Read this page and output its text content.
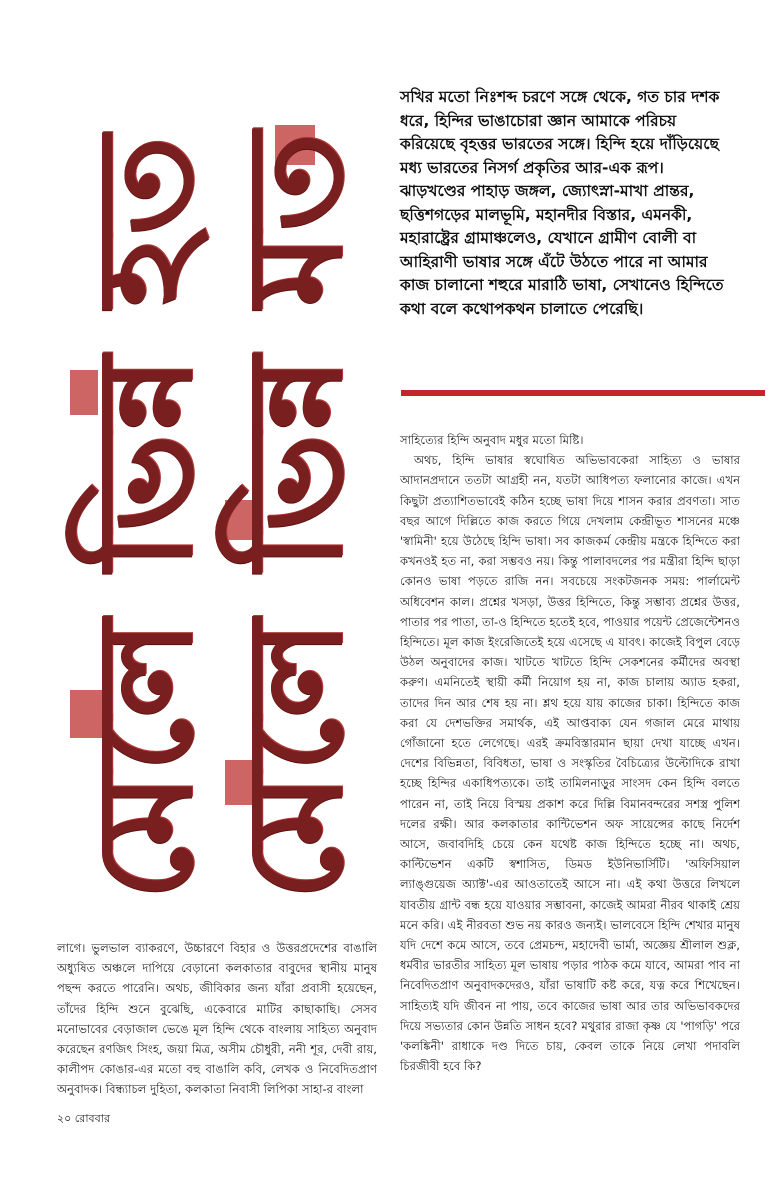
মেলে ভিন্ন হত
মেলে ভিন্ন মত

সখির মতো নিঃশব্দ চরণে সঙ্গে থেকে, গত চার দশক ধরে, হিন্দির ভাঙাচোরা জ্ঞান আমাকে পরিচয় করিয়েছে বৃহত্তর ভারতের সঙ্গে। হিন্দি হয়ে দাঁড়িয়েছে মধ্য ভারতের নিসর্গ প্রকৃতির আর-এক রূপ। ঝাড়খণ্ডের পাহাড় জঙ্গল, জ্যোৎস্না-মাখা প্রান্তর, ছত্তিশগড়ের মালভূমি, মহানদীর বিস্তার, এমনকী, মহারাষ্ট্রের গ্রামাঞ্চলেও, যেখানে গ্রামীণ বোলী বা আহিরাণী ভাষার সঙ্গে এঁটে উঠতে পারে না আমার কাজ চালানো শহুরে মারাঠি ভাষা, সেখানেও হিন্দিতে কথা বলে কথোপকথন চালাতে পেরেছি।

সাহিত্যের হিন্দি অনুবাদ মধুর মতো মিষ্টি।

অথচ, হিন্দি ভাষার স্বঘোষিত অভিভাবকেরা সাহিত্য ও ভাষার আদানপ্রদানে ততটা আগ্রহী নন, যতটা আধিপত্য ফলানোর কাজে। এখন কিছুটা প্রত্যাশিতভাবেই কঠিন হচ্ছে ভাষা দিয়ে শাসন করার প্রবণতা। সাত বছর আগে দিল্লিতে কাজ করতে গিয়ে দেখলাম কেন্দ্রীভূত শাসনের মঞ্চে 'স্বামিনী' হয়ে উঠেছে হিন্দি ভাষা। সব কাজকর্ম কেন্দ্রীয় মন্ত্রকে হিন্দিতে করা কখনওই হত না, করা সম্ভবও নয়। কিন্তু পালাবদলের পর মন্ত্রীরা হিন্দি ছাড়া কোনও ভাষা পড়তে রাজি নন। সবচেয়ে সংকটজনক সময়: পার্লামেন্ট অধিবেশন কাল। প্রশ্নের খসড়া, উত্তর হিন্দিতে, কিন্তু সম্ভাব্য প্রশ্নের উত্তর, পাতার পর পাতা, তা-ও হিন্দিতে হতেই হবে, পাওয়ার পয়েন্ট প্রেজেন্টেশনও হিন্দিতে। মূল কাজ ইংরেজিতেই হয়ে এসেছে এ যাবৎ। কাজেই বিপুল বেড়ে উঠল অনুবাদের কাজ। খাটতে খাটতে হিন্দি সেকশনের কর্মীদের অবস্থা করুণ। এমনিতেই স্থায়ী কর্মী নিয়োগ হয় না, কাজ চালায় অ্যাড হকরা, তাদের দিন আর শেষ হয় না। শ্লথ হয়ে যায় কাজের চাকা। হিন্দিতে কাজ করা যে দেশভক্তির সমার্থক, এই আপ্তবাক্য যেন গজাল মেরে মাথায় গোঁজানো হতে লেগেছে। এরই ক্রমবিস্তারমান ছায়া দেখা যাচ্ছে এখন। দেশের বিভিন্নতা, বিবিধতা, ভাষা ও সংস্কৃতির বৈচিত্র্যের উল্টোদিকে রাখা হচ্ছে হিন্দির একাধিপত্যকে। তাই তামিলনাড়ুর সাংসদ কেন হিন্দি বলতে পারেন না, তাই নিয়ে বিস্ময় প্রকাশ করে দিল্লি বিমানবন্দরের সশস্ত্র পুলিশ দলের রক্ষী। আর কলকাতার কান্টিভেশন অফ সায়েন্সের কাছে নির্দেশ আসে, জবাবদিহি চেয়ে কেন যথেষ্ট কাজ হিন্দিতে হচ্ছে না। অথচ, কাল্টিভেশন একটি স্বশাসিত, ডিমড ইউনিভার্সিটি। 'অফিসিয়াল ল্যাঙ্গুয়েজ অ্যাক্ট'-এর আওতাতেই আসে না। এই কথা উত্তরে লিখলে যাবতীয় গ্রান্ট বন্ধ হয়ে যাওয়ার সম্ভাবনা, কাজেই আমরা নীরব থাকাই শ্রেয় মনে করি। এই নীরবতা শুভ নয় কারও জন্যই। ভালবেসে হিন্দি শেখার মানুষ যদি দেশে কমে আসে, তবে প্রেমচন্দ, মহাদেবী ভার্মা, অজ্ঞেয় শ্রীলাল শুক্ল, ধর্মবীর ভারতীর সাহিত্য মূল ভাষায় পড়ার পাঠক কমে যাবে, আমরা পাব না নিবেদিতপ্রাণ অনুবাদকদেরও, যাঁরা ভাষাটি কষ্ট করে, যত্ন করে শিখেছেন। সাহিত্যই যদি জীবন না পায়, তবে কাজের ভাষা আর তার অভিভাবকদের দিয়ে সভ্যতার কোন উন্নতি সাধন হবে? মথুরার রাজা কৃষ্ণ যে 'পাগড়ি' পরে 'কলঙ্কিনী' রাধাকে দণ্ড দিতে চায়, কেবল তাকে নিয়ে লেখা পদাবলি চিরজীবী হবে কি?

লাগে। ভুলভাল ব্যাকরণে, উচ্চারণে বিহার ও উত্তরপ্রদেশের বাঙালি অধ্যুষিত অঞ্চলে দাপিয়ে বেড়ানো কলকাতার বাবুদের স্থানীয় মানুষ পছন্দ করতে পারেনি। অথচ, জীবিকার জন্য যাঁরা প্রবাসী হয়েছেন, তাঁদের হিন্দি শুনে বুঝেছি, একেবারে মাটির কাছাকাছি। সেসব মনোভাবের বেড়াজাল ভেঙে মূল হিন্দি থেকে বাংলায় সাহিত্য অনুবাদ করেছেন রণজিৎ সিংহ, জয়া মিত্র, অসীম চৌধুরী, ননী শূর, দেবী রায়, কালীপদ কোঙার-এর মতো বহু বাঙালি কবি, লেখক ও নিবেদিতপ্রাণ অনুবাদক। বিন্ধ্যাচল দুহিতা, কলকাতা নিবাসী লিপিকা সাহা-র বাংলা

২০ রোববার
